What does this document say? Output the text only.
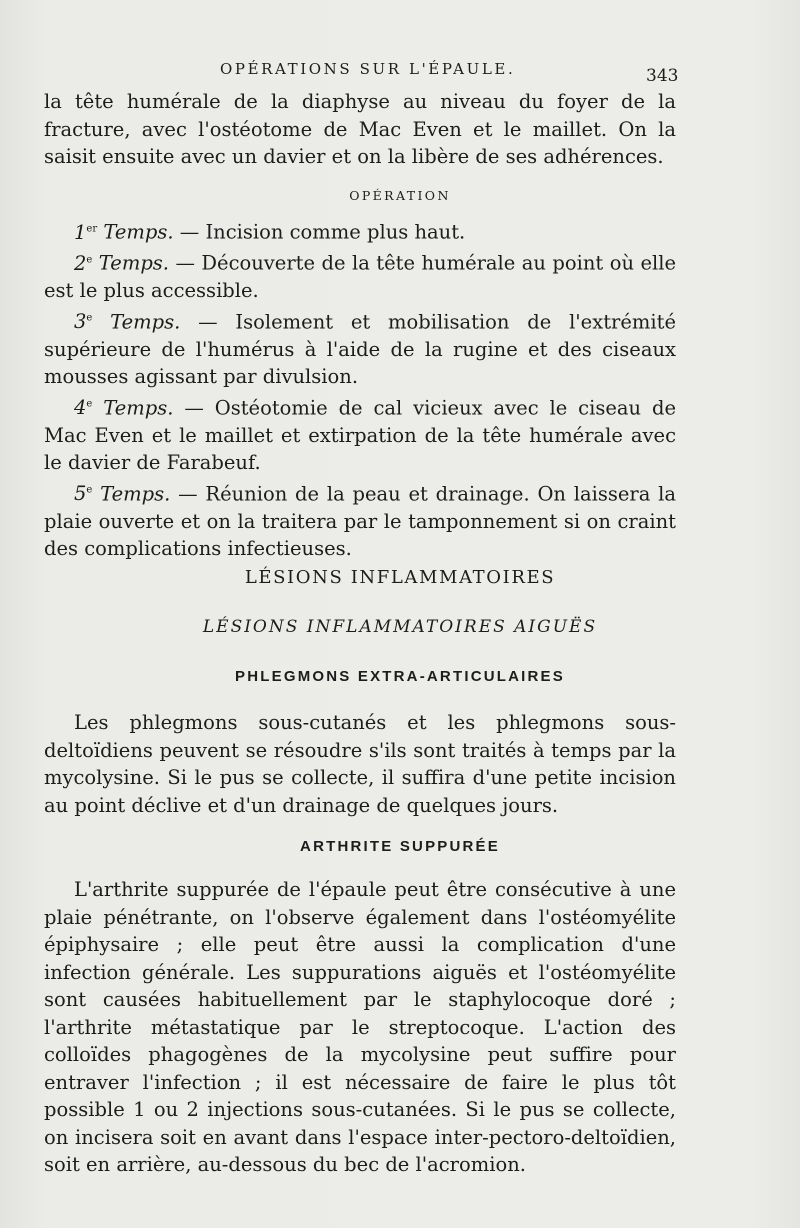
OPÉRATIONS SUR L'ÉPAULE.	343

la tête humérale de la diaphyse au niveau du foyer de la fracture, avec l'ostéotome de Mac Even et le maillet. On la saisit ensuite avec un davier et on la libère de ses adhérences.

OPÉRATION

1er Temps. — Incision comme plus haut.

2e Temps. — Découverte de la tête humérale au point où elle est le plus accessible.

3e Temps. — Isolement et mobilisation de l'extrémité supérieure de l'humérus à l'aide de la rugine et des ciseaux mousses agissant par divulsion.

4e Temps. — Ostéotomie de cal vicieux avec le ciseau de Mac Even et le maillet et extirpation de la tête humérale avec le davier de Farabeuf.

5e Temps. — Réunion de la peau et drainage. On laissera la plaie ouverte et on la traitera par le tamponnement si on craint des complications infectieuses.

LÉSIONS INFLAMMATOIRES
LÉSIONS INFLAMMATOIRES AIGUËS
PHLEGMONS EXTRA-ARTICULAIRES

Les phlegmons sous-cutanés et les phlegmons sous-deltoïdiens peuvent se résoudre s'ils sont traités à temps par la mycolysine. Si le pus se collecte, il suffira d'une petite incision au point déclive et d'un drainage de quelques jours.

ARTHRITE SUPPURÉE

L'arthrite suppurée de l'épaule peut être consécutive à une plaie pénétrante, on l'observe également dans l'ostéomyélite épiphysaire ; elle peut être aussi la complication d'une infection générale. Les suppurations aiguës et l'ostéomyélite sont causées habituellement par le staphylocoque doré ; l'arthrite métastatique par le streptocoque. L'action des colloïdes phagogènes de la mycolysine peut suffire pour entraver l'infection ; il est nécessaire de faire le plus tôt possible 1 ou 2 injections sous-cutanées. Si le pus se collecte, on incisera soit en avant dans l'espace inter-pectoro-deltoïdien, soit en arrière, au-dessous du bec de l'acromion.
